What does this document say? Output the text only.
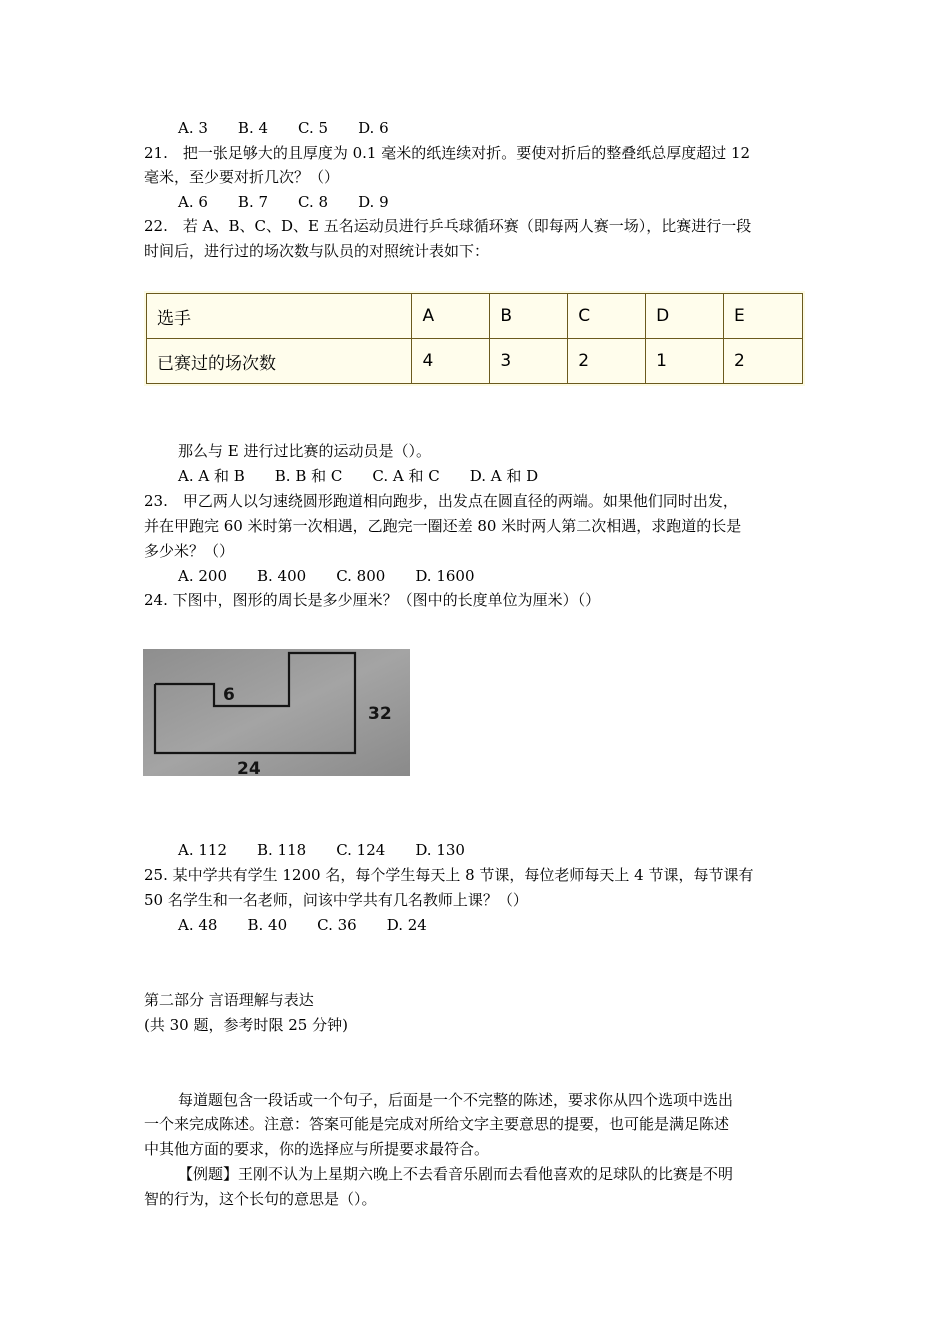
A. 3 B. 4 C. 5 D. 6
21.　把一张足够大的且厚度为 0.1 毫米的纸连续对折。要使对折后的整叠纸总厚度超过 12
毫米，至少要对折几次？（）
A. 6 B. 7 C. 8 D. 9
22.　若 A、B、C、D、E 五名运动员进行乒乓球循环赛（即每两人赛一场），比赛进行一段
时间后，进行过的场次数与队员的对照统计表如下：
选手	A	B	C	D	E
已赛过的场次数	4	3	2	1	2
那么与 E 进行过比赛的运动员是（）。
A. A 和 B B. B 和 C C. A 和 C D. A 和 D
23.　甲乙两人以匀速绕圆形跑道相向跑步，出发点在圆直径的两端。如果他们同时出发，
并在甲跑完 60 米时第一次相遇，乙跑完一圈还差 80 米时两人第二次相遇，求跑道的长是
多少米？（）
A. 200 B. 400 C. 800 D. 1600
24. 下图中，图形的周长是多少厘米？（图中的长度单位为厘米）（）
6
32
24
A. 112 B. 118 C. 124 D. 130
25. 某中学共有学生 1200 名，每个学生每天上 8 节课，每位老师每天上 4 节课，每节课有
50 名学生和一名老师，问该中学共有几名教师上课？（）
A. 48 B. 40 C. 36 D. 24
第二部分 言语理解与表达
(共 30 题，参考时限 25 分钟)
每道题包含一段话或一个句子，后面是一个不完整的陈述，要求你从四个选项中选出
一个来完成陈述。注意：答案可能是完成对所给文字主要意思的提要，也可能是满足陈述
中其他方面的要求，你的选择应与所提要求最符合。
【例题】王刚不认为上星期六晚上不去看音乐剧而去看他喜欢的足球队的比赛是不明
智的行为，这个长句的意思是（）。
